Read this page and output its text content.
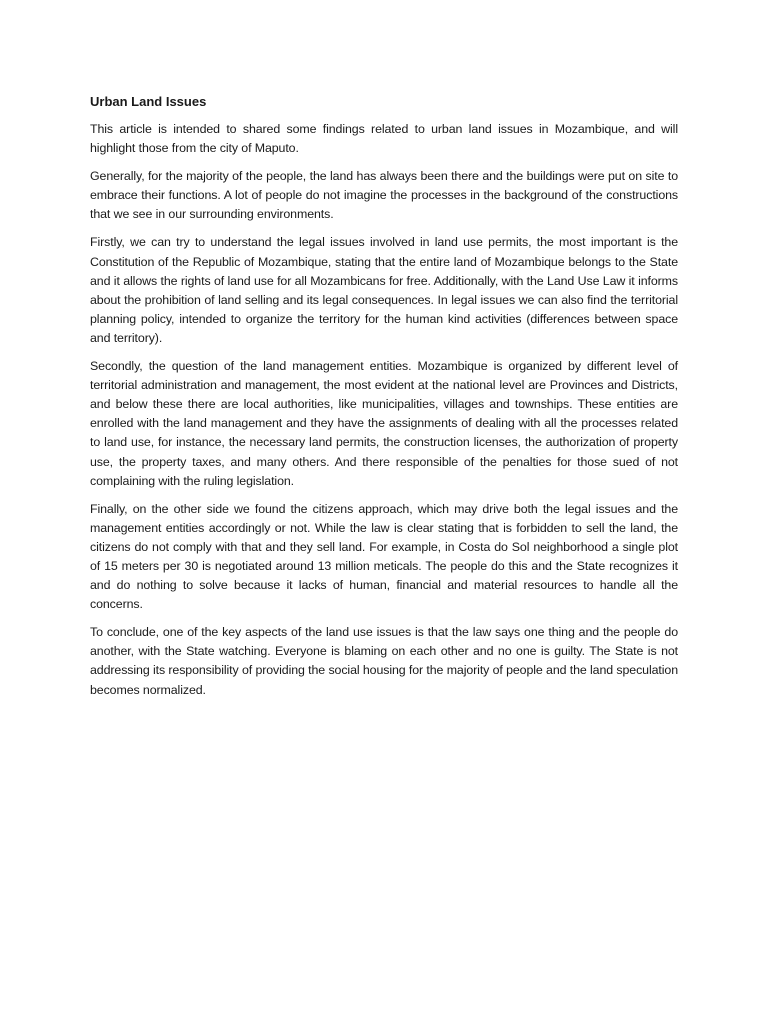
Urban Land Issues

This article is intended to shared some findings related to urban land issues in Mozambique, and will highlight those from the city of Maputo.

Generally, for the majority of the people, the land has always been there and the buildings were put on site to embrace their functions. A lot of people do not imagine the processes in the background of the constructions that we see in our surrounding environments.

Firstly, we can try to understand the legal issues involved in land use permits, the most important is the Constitution of the Republic of Mozambique, stating that the entire land of Mozambique belongs to the State and it allows the rights of land use for all Mozambicans for free. Additionally, with the Land Use Law it informs about the prohibition of land selling and its legal consequences. In legal issues we can also find the territorial planning policy, intended to organize the territory for the human kind activities (differences between space and territory).

Secondly, the question of the land management entities. Mozambique is organized by different level of territorial administration and management, the most evident at the national level are Provinces and Districts, and below these there are local authorities, like municipalities, villages and townships. These entities are enrolled with the land management and they have the assignments of dealing with all the processes related to land use, for instance, the necessary land permits, the construction licenses, the authorization of property use, the property taxes, and many others. And there responsible of the penalties for those sued of not complaining with the ruling legislation.

Finally, on the other side we found the citizens approach, which may drive both the legal issues and the management entities accordingly or not. While the law is clear stating that is forbidden to sell the land, the citizens do not comply with that and they sell land. For example, in Costa do Sol neighborhood a single plot of 15 meters per 30 is negotiated around 13 million meticals. The people do this and the State recognizes it and do nothing to solve because it lacks of human, financial and material resources to handle all the concerns.

To conclude, one of the key aspects of the land use issues is that the law says one thing and the people do another, with the State watching. Everyone is blaming on each other and no one is guilty. The State is not addressing its responsibility of providing the social housing for the majority of people and the land speculation becomes normalized.
